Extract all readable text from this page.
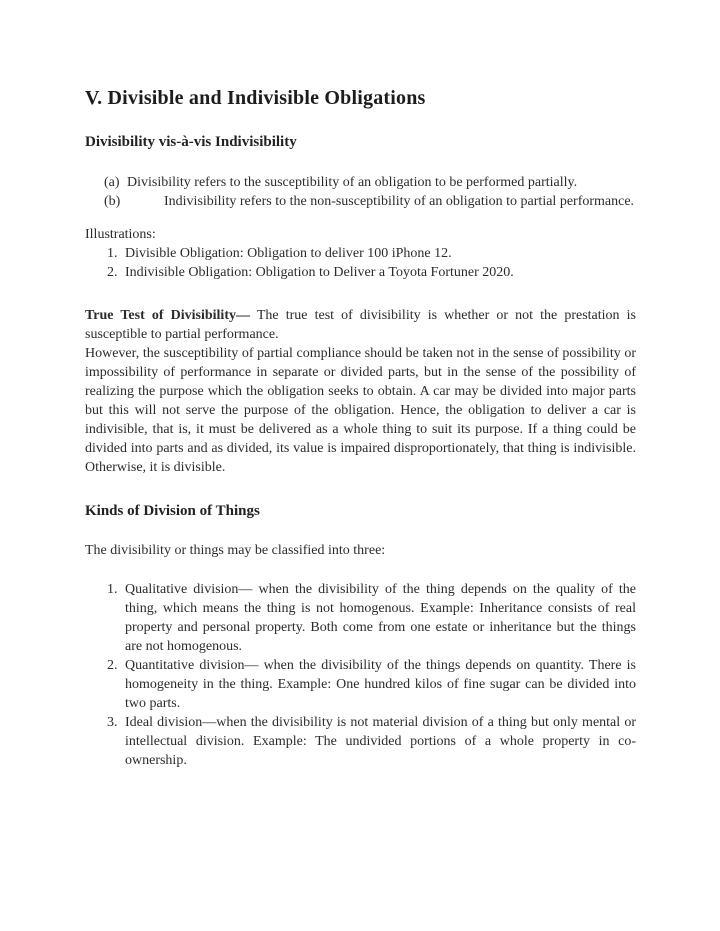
V. Divisible and Indivisible Obligations
Divisibility vis-à-vis Indivisibility
(a) Divisibility refers to the susceptibility of an obligation to be performed partially.
(b)	Indivisibility refers to the non-susceptibility of an obligation to partial performance.
Illustrations:
1. Divisible Obligation: Obligation to deliver 100 iPhone 12.
2. Indivisible Obligation: Obligation to Deliver a Toyota Fortuner 2020.

True Test of Divisibility— The true test of divisibility is whether or not the prestation is susceptible to partial performance.

However, the susceptibility of partial compliance should be taken not in the sense of possibility or impossibility of performance in separate or divided parts, but in the sense of the possibility of realizing the purpose which the obligation seeks to obtain. A car may be divided into major parts but this will not serve the purpose of the obligation. Hence, the obligation to deliver a car is indivisible, that is, it must be delivered as a whole thing to suit its purpose. If a thing could be divided into parts and as divided, its value is impaired disproportionately, that thing is indivisible. Otherwise, it is divisible.

Kinds of Division of Things

The divisibility or things may be classified into three:

1. Qualitative division— when the divisibility of the thing depends on the quality of the thing, which means the thing is not homogenous. Example: Inheritance consists of real property and personal property. Both come from one estate or inheritance but the things are not homogenous.
2. Quantitative division— when the divisibility of the things depends on quantity. There is homogeneity in the thing. Example: One hundred kilos of fine sugar can be divided into two parts.
3. Ideal division—when the divisibility is not material division of a thing but only mental or intellectual division. Example: The undivided portions of a whole property in co-ownership.
